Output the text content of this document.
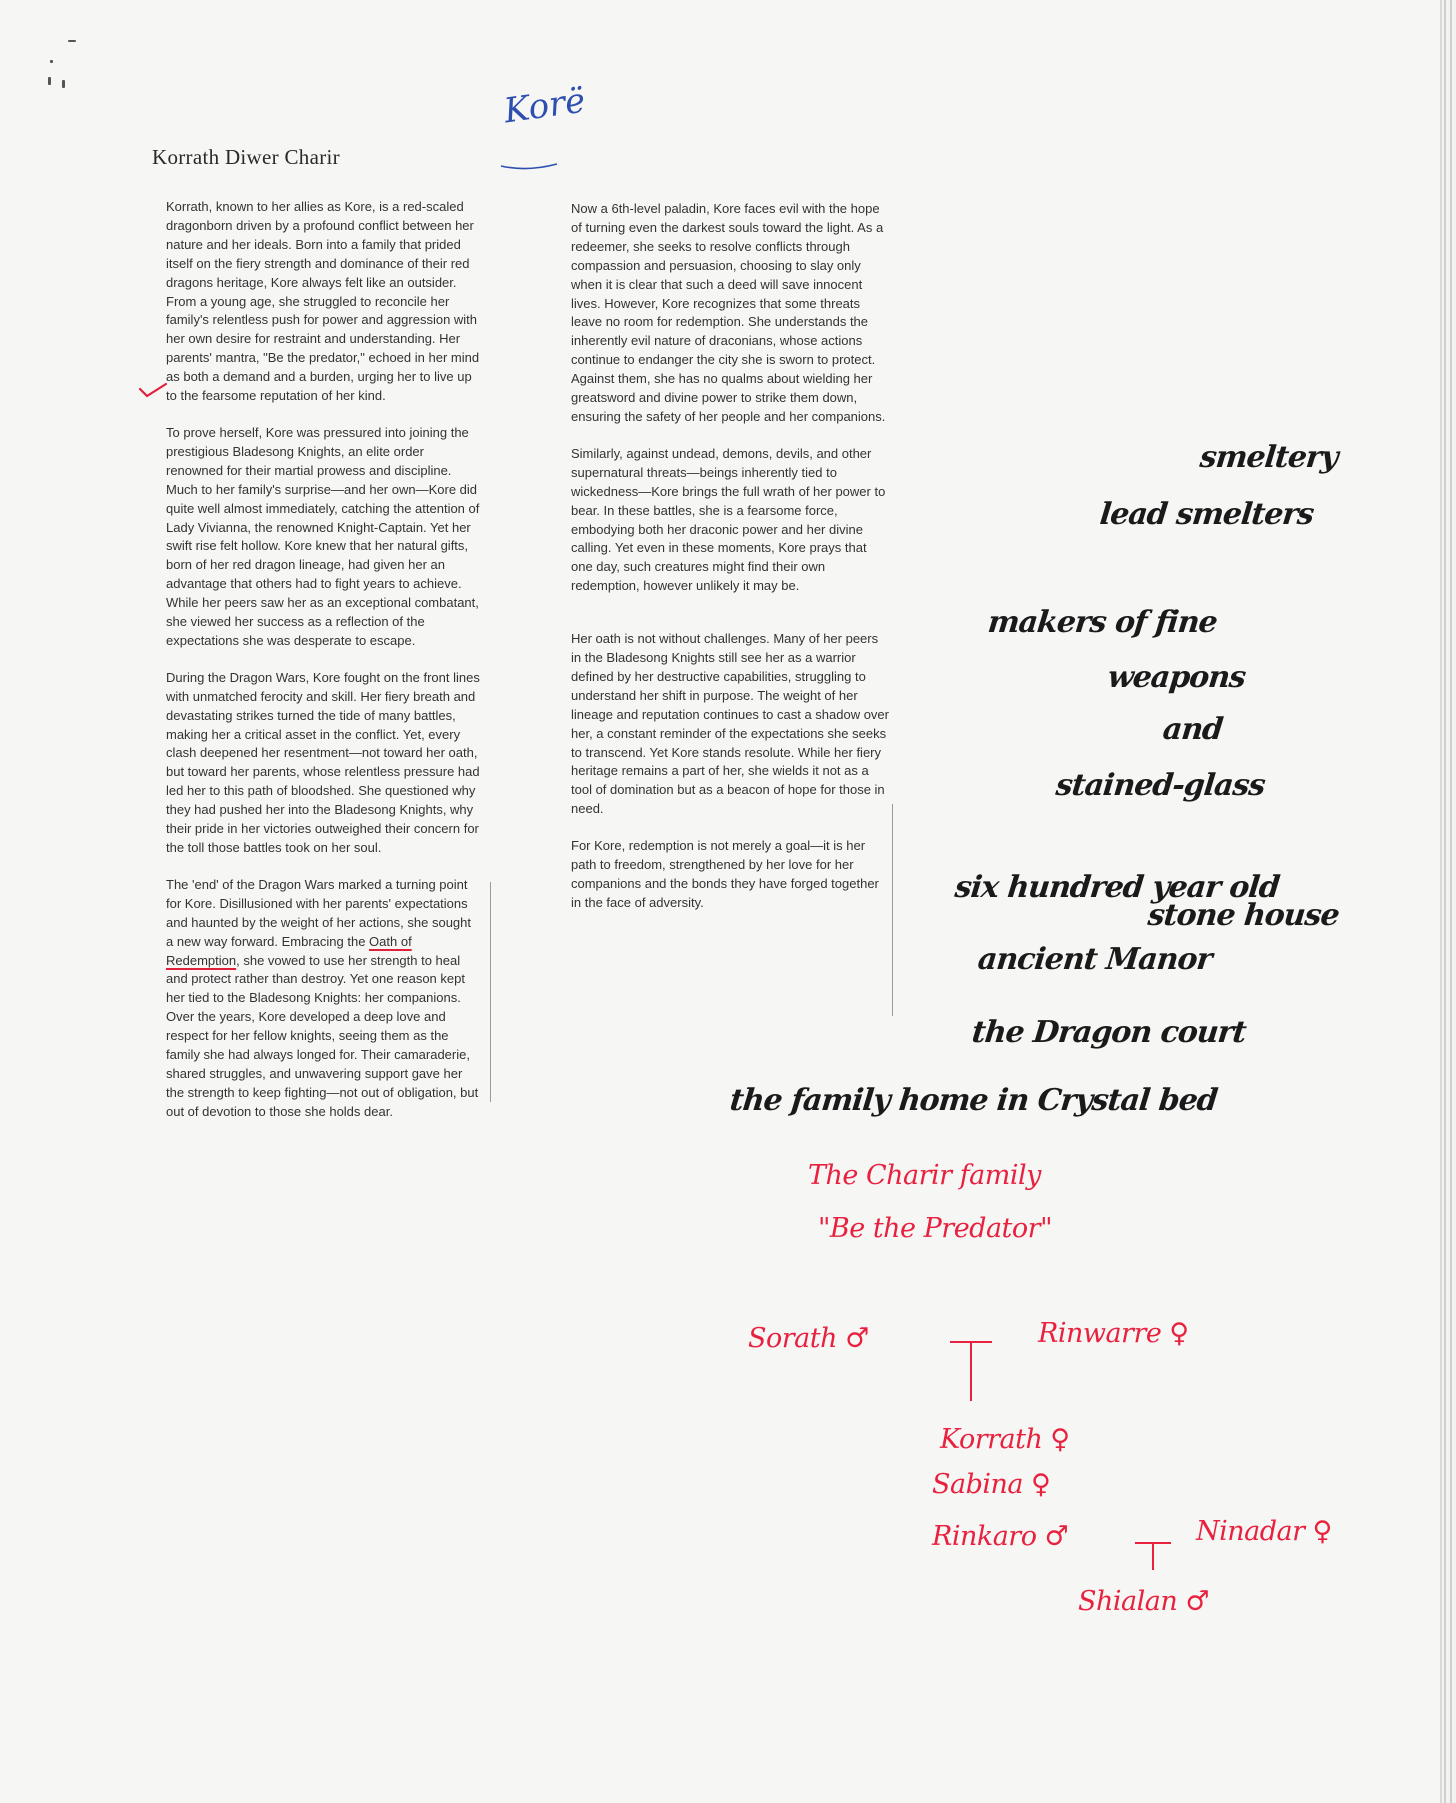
Korrath Diwer Charir

Korrath, known to her allies as Kore, is a red-scaled dragonborn driven by a profound conflict between her nature and her ideals. Born into a family that prided itself on the fiery strength and dominance of their red dragons heritage, Kore always felt like an outsider. From a young age, she struggled to reconcile her family's relentless push for power and aggression with her own desire for restraint and understanding. Her parents' mantra, "Be the predator," echoed in her mind as both a demand and a burden, urging her to live up to the fearsome reputation of her kind.

To prove herself, Kore was pressured into joining the prestigious Bladesong Knights, an elite order renowned for their martial prowess and discipline. Much to her family's surprise—and her own—Kore did quite well almost immediately, catching the attention of Lady Vivianna, the renowned Knight-Captain. Yet her swift rise felt hollow. Kore knew that her natural gifts, born of her red dragon lineage, had given her an advantage that others had to fight years to achieve. While her peers saw her as an exceptional combatant, she viewed her success as a reflection of the expectations she was desperate to escape.

During the Dragon Wars, Kore fought on the front lines with unmatched ferocity and skill. Her fiery breath and devastating strikes turned the tide of many battles, making her a critical asset in the conflict. Yet, every clash deepened her resentment—not toward her oath, but toward her parents, whose relentless pressure had led her to this path of bloodshed. She questioned why they had pushed her into the Bladesong Knights, why their pride in her victories outweighed their concern for the toll those battles took on her soul.

The 'end' of the Dragon Wars marked a turning point for Kore. Disillusioned with her parents' expectations and haunted by the weight of her actions, she sought a new way forward. Embracing the Oath of Redemption, she vowed to use her strength to heal and protect rather than destroy. Yet one reason kept her tied to the Bladesong Knights: her companions. Over the years, Kore developed a deep love and respect for her fellow knights, seeing them as the family she had always longed for. Their camaraderie, shared struggles, and unwavering support gave her the strength to keep fighting—not out of obligation, but out of devotion to those she holds dear.

Now a 6th-level paladin, Kore faces evil with the hope of turning even the darkest souls toward the light. As a redeemer, she seeks to resolve conflicts through compassion and persuasion, choosing to slay only when it is clear that such a deed will save innocent lives. However, Kore recognizes that some threats leave no room for redemption. She understands the inherently evil nature of draconians, whose actions continue to endanger the city she is sworn to protect. Against them, she has no qualms about wielding her greatsword and divine power to strike them down, ensuring the safety of her people and her companions.

Similarly, against undead, demons, devils, and other supernatural threats—beings inherently tied to wickedness—Kore brings the full wrath of her power to bear. In these battles, she is a fearsome force, embodying both her draconic power and her divine calling. Yet even in these moments, Kore prays that one day, such creatures might find their own redemption, however unlikely it may be.

Her oath is not without challenges. Many of her peers in the Bladesong Knights still see her as a warrior defined by her destructive capabilities, struggling to understand her shift in purpose. The weight of her lineage and reputation continues to cast a shadow over her, a constant reminder of the expectations she seeks to transcend. Yet Kore stands resolute. While her fiery heritage remains a part of her, she wields it not as a tool of domination but as a beacon of hope for those in need.

For Kore, redemption is not merely a goal—it is her path to freedom, strengthened by her love for her companions and the bonds they have forged together in the face of adversity.

Korë
smeltery
lead smelters
makers of fine
weapons
and
stained-glass
six hundred year old
stone house
ancient Manor
the Dragon court
the family home in Crystal bed
The Charir family
"Be the Predator"
Sorath ♂	Rinwarre ♀
Korrath ♀
Sabina ♀
Rinkaro ♂	Ninadar ♀
Shialan ♂
